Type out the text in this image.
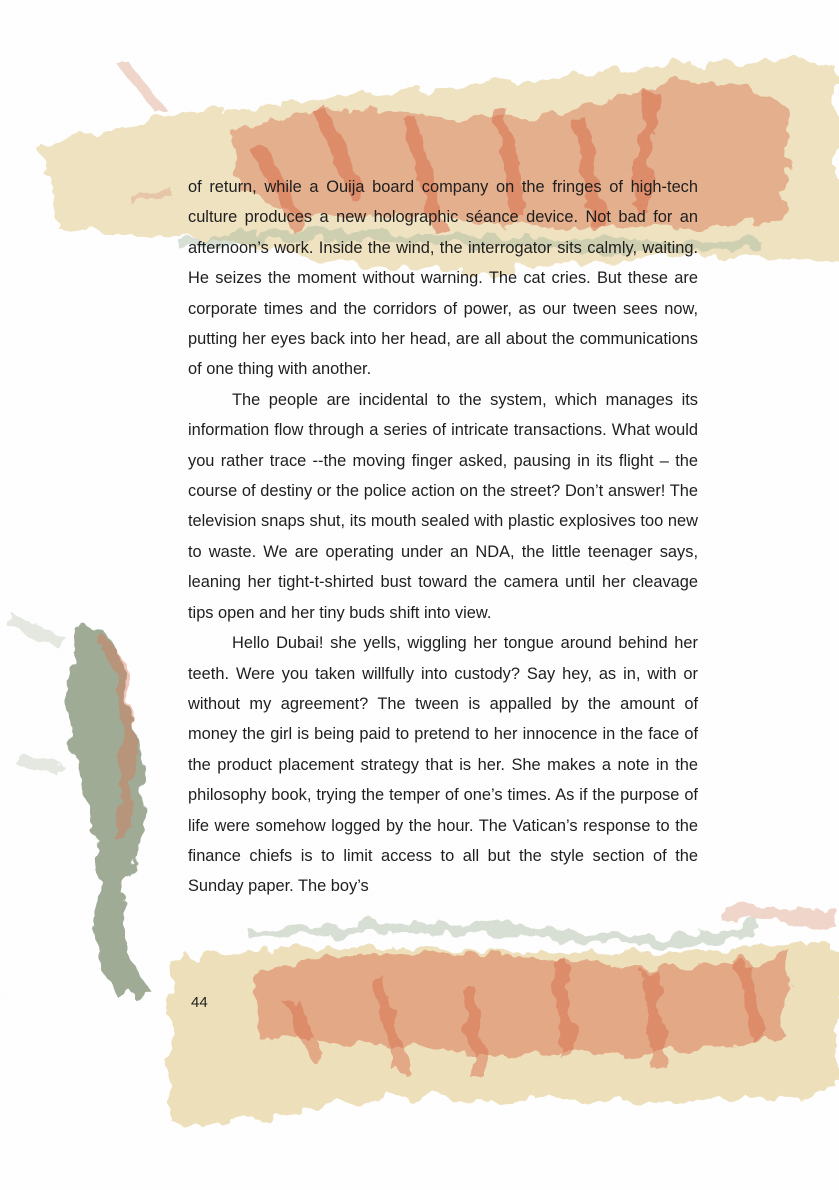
of return, while a Ouija board company on the fringes of high-tech culture produces a new holographic séance device. Not bad for an afternoon’s work. Inside the wind, the interrogator sits calmly, waiting. He seizes the moment without warning. The cat cries. But these are corporate times and the corridors of power, as our tween sees now, putting her eyes back into her head, are all about the communications of one thing with another.

The people are incidental to the system, which manages its information flow through a series of intricate transactions. What would you rather trace --the moving finger asked, pausing in its flight – the course of destiny or the police action on the street? Don’t answer! The television snaps shut, its mouth sealed with plastic explosives too new to waste. We are operating under an NDA, the little teenager says, leaning her tight-t-shirted bust toward the camera until her cleavage tips open and her tiny buds shift into view.

Hello Dubai! she yells, wiggling her tongue around behind her teeth. Were you taken willfully into custody? Say hey, as in, with or without my agreement? The tween is appalled by the amount of money the girl is being paid to pretend to her innocence in the face of the product placement strategy that is her. She makes a note in the philosophy book, trying the temper of one’s times. As if the purpose of life were somehow logged by the hour. The Vatican’s response to the finance chiefs is to limit access to all but the style section of the Sunday paper. The boy’s

44
